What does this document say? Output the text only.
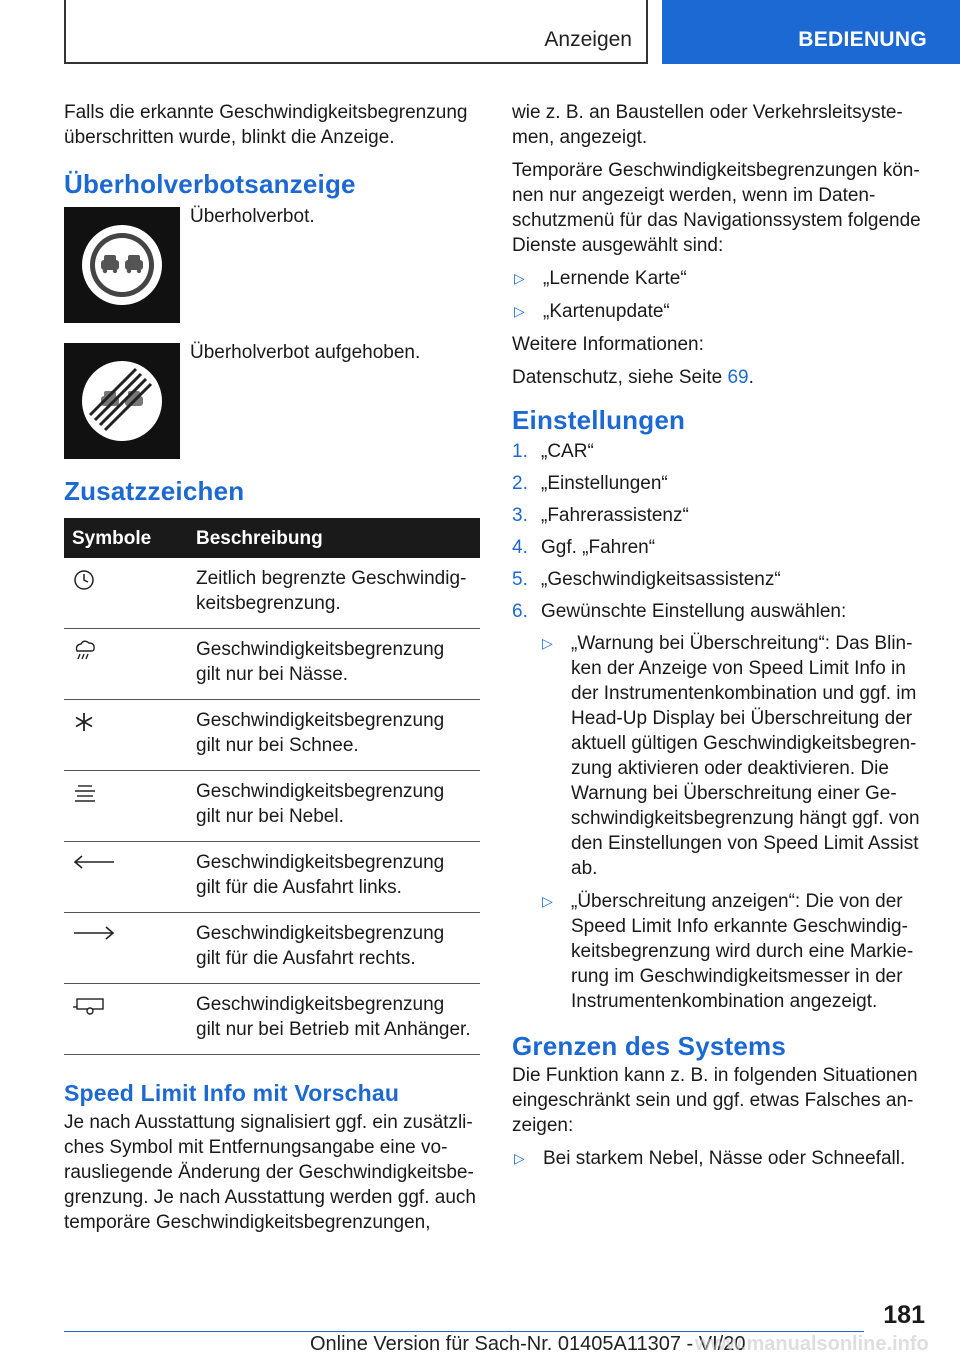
Anzeigen	BEDIENUNG

Falls die erkannte Geschwindigkeitsbegrenzung überschritten wurde, blinkt die Anzeige.

Überholverbotsanzeige
Überholverbot.
Überholverbot aufgehoben.
Zusatzzeichen
Symbole	Beschreibung
	Zeitlich begrenzte Geschwindigkeitsbegrenzung.
	Geschwindigkeitsbegrenzung gilt nur bei Nässe.
	Geschwindigkeitsbegrenzung gilt nur bei Schnee.
	Geschwindigkeitsbegrenzung gilt nur bei Nebel.
	Geschwindigkeitsbegrenzung gilt für die Ausfahrt links.
	Geschwindigkeitsbegrenzung gilt für die Ausfahrt rechts.
	Geschwindigkeitsbegrenzung gilt nur bei Betrieb mit Anhänger.
Speed Limit Info mit Vorschau

Je nach Ausstattung signalisiert ggf. ein zusätzliches Symbol mit Entfernungsangabe eine vorausliegende Änderung der Geschwindigkeitsbegrenzung. Je nach Ausstattung werden ggf. auch temporäre Geschwindigkeitsbegrenzungen,

wie z. B. an Baustellen oder Verkehrsleitsystemen, angezeigt.

Temporäre Geschwindigkeitsbegrenzungen können nur angezeigt werden, wenn im Datenschutzmenü für das Navigationssystem folgende Dienste ausgewählt sind:

▷ „Lernende Karte“
▷ „Kartenupdate“

Weitere Informationen:

Datenschutz, siehe Seite 69.

Einstellungen
1. „CAR“
2. „Einstellungen“
3. „Fahrerassistenz“
4. Ggf. „Fahren“
5. „Geschwindigkeitsassistenz“
6. Gewünschte Einstellung auswählen:
▷ „Warnung bei Überschreitung“: Das Blinken der Anzeige von Speed Limit Info in der Instrumentenkombination und ggf. im Head-Up Display bei Überschreitung der aktuell gültigen Geschwindigkeitsbegrenzung aktivieren oder deaktivieren. Die Warnung bei Überschreitung einer Geschwindigkeitsbegrenzung hängt ggf. von den Einstellungen von Speed Limit Assist ab.
▷ „Überschreitung anzeigen“: Die von der Speed Limit Info erkannte Geschwindigkeitsbegrenzung wird durch eine Markierung im Geschwindigkeitsmesser in der Instrumentenkombination angezeigt.
Grenzen des Systems

Die Funktion kann z. B. in folgenden Situationen eingeschränkt sein und ggf. etwas Falsches anzeigen:

▷ Bei starkem Nebel, Nässe oder Schneefall.
181
Online Version für Sach-Nr. 01405A11307 - VI/20
www.manualsonline.info
